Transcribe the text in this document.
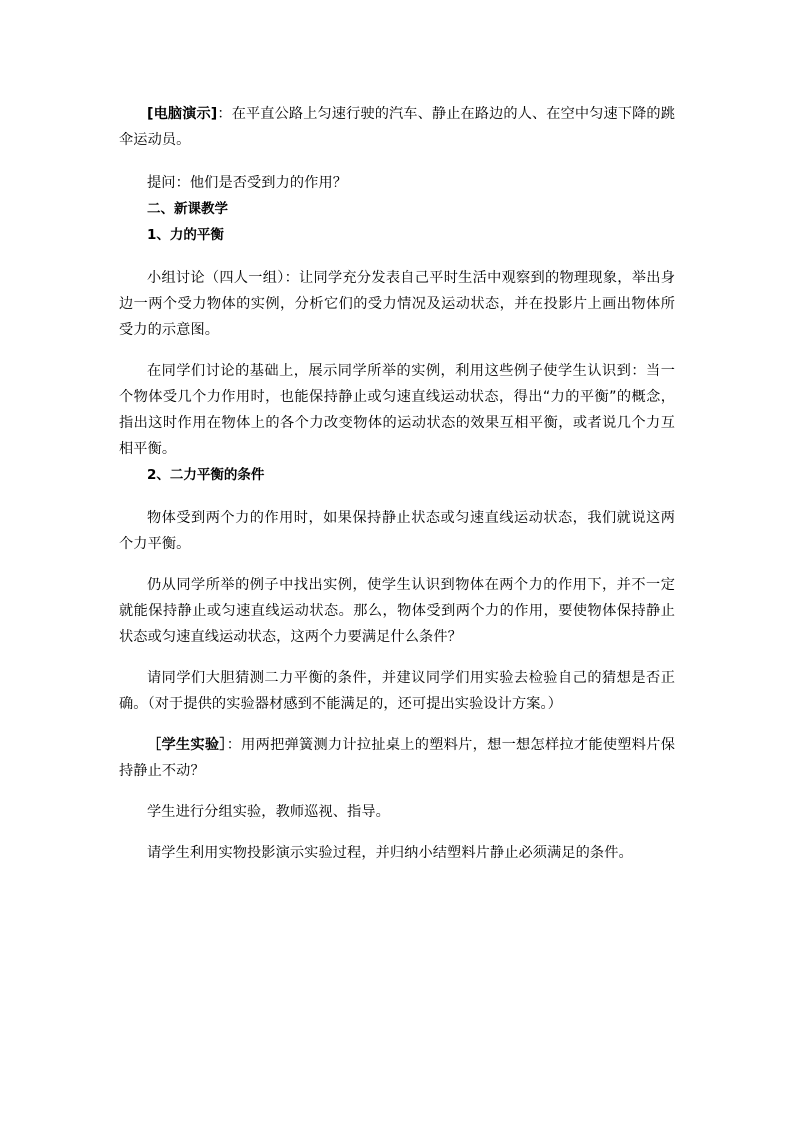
[电脑演示]：在平直公路上匀速行驶的汽车、静止在路边的人、在空中匀速下降的跳伞运动员。

提问：他们是否受到力的作用？

二、新课教学

1、力的平衡

小组讨论（四人一组）：让同学充分发表自己平时生活中观察到的物理现象，举出身边一两个受力物体的实例，分析它们的受力情况及运动状态，并在投影片上画出物体所受力的示意图。

在同学们讨论的基础上，展示同学所举的实例，利用这些例子使学生认识到：当一个物体受几个力作用时，也能保持静止或匀速直线运动状态，得出“力的平衡”的概念，指出这时作用在物体上的各个力改变物体的运动状态的效果互相平衡，或者说几个力互相平衡。

2、二力平衡的条件

物体受到两个力的作用时，如果保持静止状态或匀速直线运动状态，我们就说这两个力平衡。

仍从同学所举的例子中找出实例，使学生认识到物体在两个力的作用下，并不一定就能保持静止或匀速直线运动状态。那么，物体受到两个力的作用，要使物体保持静止状态或匀速直线运动状态，这两个力要满足什么条件？

请同学们大胆猜测二力平衡的条件，并建议同学们用实验去检验自己的猜想是否正确。（对于提供的实验器材感到不能满足的，还可提出实验设计方案。）

［学生实验］：用两把弹簧测力计拉扯桌上的塑料片，想一想怎样拉才能使塑料片保持静止不动？

学生进行分组实验，教师巡视、指导。

请学生利用实物投影演示实验过程，并归纳小结塑料片静止必须满足的条件。
